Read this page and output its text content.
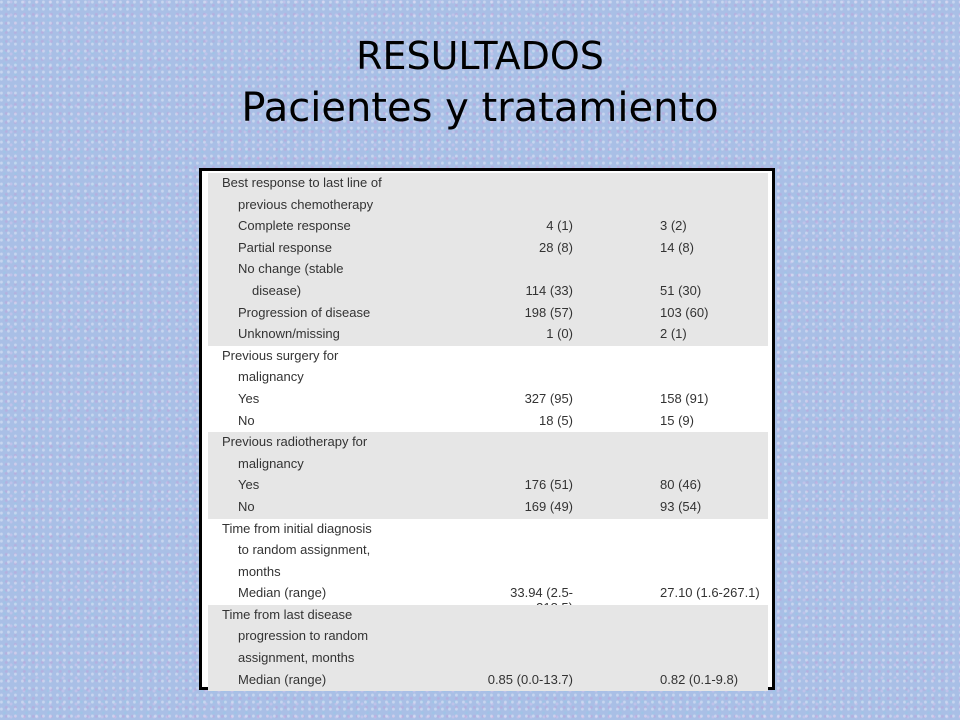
RESULTADOS
Pacientes y tratamiento
Best response to last line of
previous chemotherapy
Complete response	4 (1)	3 (2)
Partial response	28 (8)	14 (8)
No change (stable
disease)	114 (33)	51 (30)
Progression of disease	198 (57)	103 (60)
Unknown/missing	1 (0)	2 (1)
Previous surgery for
malignancy
Yes	327 (95)	158 (91)
No	18 (5)	15 (9)
Previous radiotherapy for
malignancy
Yes	176 (51)	80 (46)
No	169 (49)	93 (54)
Time from initial diagnosis
to random assignment,
months
Median (range)	33.94 (2.5-	27.10 (1.6-267.1)
Time from last disease
progression to random
assignment, months
Median (range)	0.85 (0.0-13.7)	0.82 (0.1-9.8)
